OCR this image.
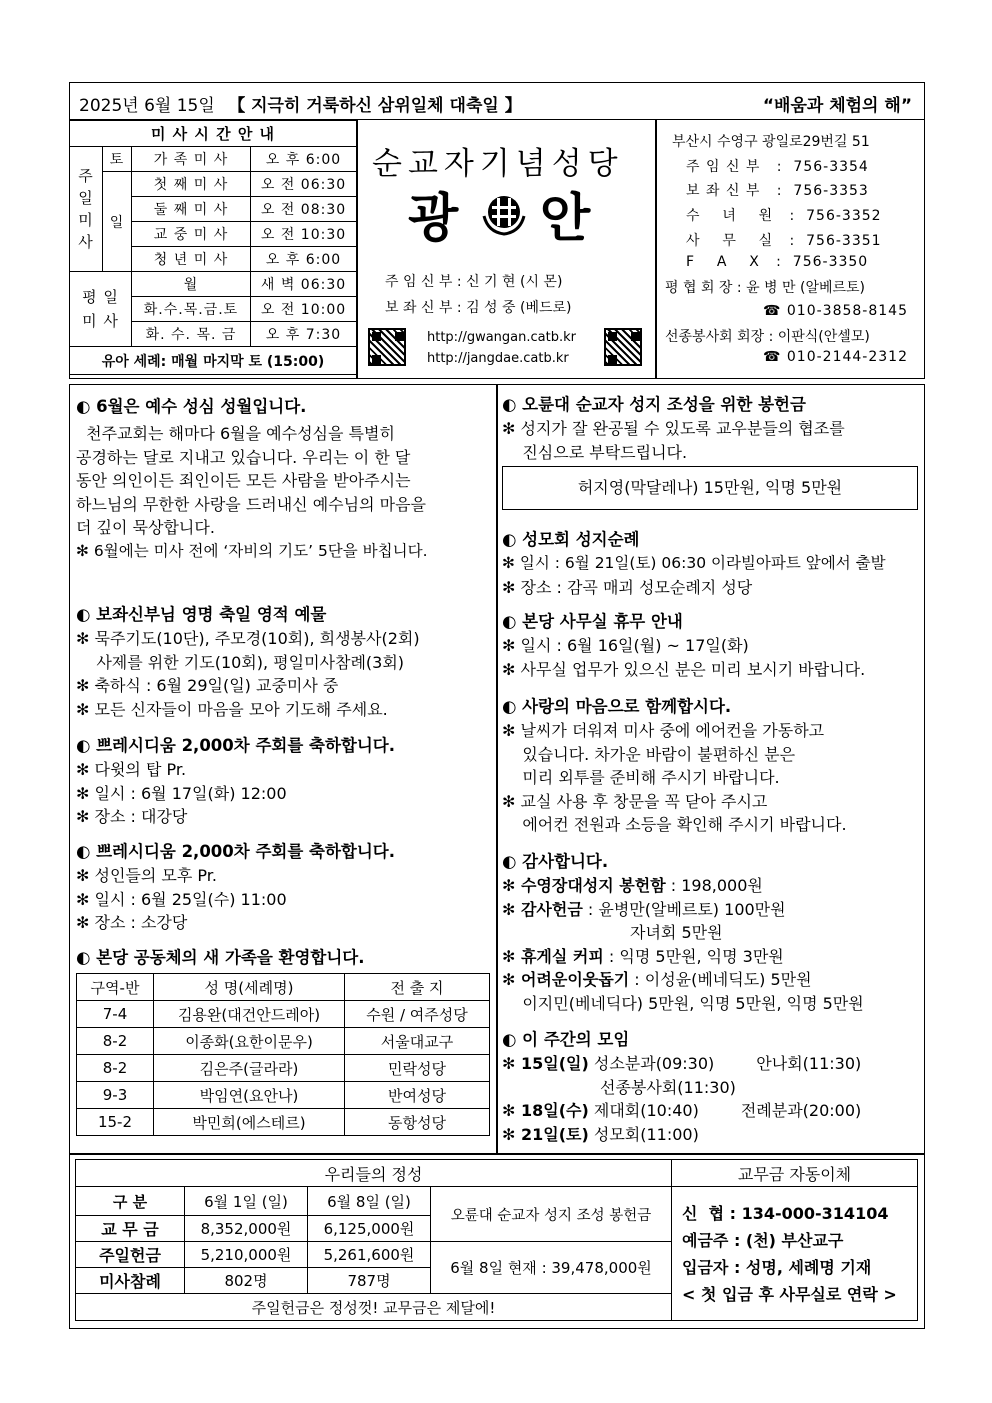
2025년 6월 15일 【 지극히 거룩하신 삼위일체 대축일 】	“배움과 체험의 해”
미 사 시 간 안 내			
주
일
미
사	토	가 족 미 사	오 후 6:00
	일	첫 째 미 사	오 전 06:30
		둘 째 미 사	오 전 08:30
		교 중 미 사	오 전 10:30
		청 년 미 사	오 후 6:00
평 일
미 사		월	새 벽 06:30
		화.수.목.금.토	오 전 10:00
		화. 수. 목. 금	오 후 7:30
유아 세례: 매월 마지막 토 (15:00)			
순교자기념성당
광 안
주 임 신 부 : 신 기 현 (시 몬)
보 좌 신 부 : 김 성 중 (베드로)
http://gwangan.catb.kr
http://jangdae.catb.kr
부산시 수영구 광일로29번길 51
주 임 신 부   :  756-3354
보 좌 신 부   :  756-3353
수    녀    원   :  756-3352
사    무    실   :  756-3351
F    A    X   :  756-3350
평 협 회 장 : 윤 병 만 (알베르토)
☎ 010-3858-8145
선종봉사회 회장 : 이판식(안셀모)
☎ 010-2144-2312
◐ 6월은 예수 성심 성월입니다.
천주교회는 해마다 6월을 예수성심을 특별히
공경하는 달로 지내고 있습니다. 우리는 이 한 달
동안 의인이든 죄인이든 모든 사람을 받아주시는
하느님의 무한한 사랑을 드러내신 예수님의 마음을
더 깊이 묵상합니다.
✻ 6월에는 미사 전에 ‘자비의 기도’ 5단을 바칩니다.
◐ 보좌신부님 영명 축일 영적 예물
✻ 묵주기도(10단), 주모경(10회), 희생봉사(2회)
사제를 위한 기도(10회), 평일미사참례(3회)
✻ 축하식 : 6월 29일(일) 교중미사 중
✻ 모든 신자들이 마음을 모아 기도해 주세요.
◐ 쁘레시디움 2,000차 주회를 축하합니다.
✻ 다윗의 탑 Pr.
✻ 일시 : 6월 17일(화) 12:00
✻ 장소 : 대강당
◐ 쁘레시디움 2,000차 주회를 축하합니다.
✻ 성인들의 모후 Pr.
✻ 일시 : 6월 25일(수) 11:00
✻ 장소 : 소강당
◐ 본당 공동체의 새 가족을 환영합니다.
구역-반	성 명(세례명)	전 출 지
7-4	김용완(대건안드레아)	수원 / 여주성당
8-2	이종화(요한이문우)	서울대교구
8-2	김은주(글라라)	민락성당
9-3	박임연(요안나)	반여성당
15-2	박민희(에스테르)	동항성당
◐ 오륜대 순교자 성지 조성을 위한 봉헌금
✻ 성지가 잘 완공될 수 있도록 교우분들의 협조를
진심으로 부탁드립니다.
허지영(막달레나) 15만원, 익명 5만원
◐ 성모회 성지순례
✻ 일시 : 6월 21일(토) 06:30 이라빌아파트 앞에서 출발
✻ 장소 : 감곡 매괴 성모순례지 성당
◐ 본당 사무실 휴무 안내
✻ 일시 : 6월 16일(월) ~ 17일(화)
✻ 사무실 업무가 있으신 분은 미리 보시기 바랍니다.
◐ 사랑의 마음으로 함께합시다.
✻ 날씨가 더워져 미사 중에 에어컨을 가동하고
있습니다. 차가운 바람이 불편하신 분은
미리 외투를 준비해 주시기 바랍니다.
✻ 교실 사용 후 창문을 꼭 닫아 주시고
에어컨 전원과 소등을 확인해 주시기 바랍니다.
◐ 감사합니다.
✻ 수영장대성지 봉헌함 : 198,000원
✻ 감사헌금 : 윤병만(알베르토) 100만원
자녀회 5만원
✻ 휴게실 커피 : 익명 5만원, 익명 3만원
✻ 어려운이웃돕기 : 이성윤(베네딕도) 5만원
이지민(베네딕다) 5만원, 익명 5만원, 익명 5만원
◐ 이 주간의 모임
✻ 15일(일) 성소분과(09:30)	안나회(11:30)
선종봉사회(11:30)
✻ 18일(수) 제대회(10:40)	전례분과(20:00)
✻ 21일(토) 성모회(11:00)
우리들의 정성			
구 분	6월 1일 (일)	6월 8일 (일)	오륜대 순교자 성지 조성 봉헌금
교 무 금	8,352,000원	6,125,000원	
주일헌금	5,210,000원	5,261,600원	6월 8일 현재 : 39,478,000원
미사참례	802명	787명	
주일헌금은 정성껏! 교무금은 제달에!			
교무금 자동이체

신  협 : 134-000-314104
예금주 : (천) 부산교구
입금자 : 성명, 세례명 기재
< 첫 입금 후 사무실로 연락 >
